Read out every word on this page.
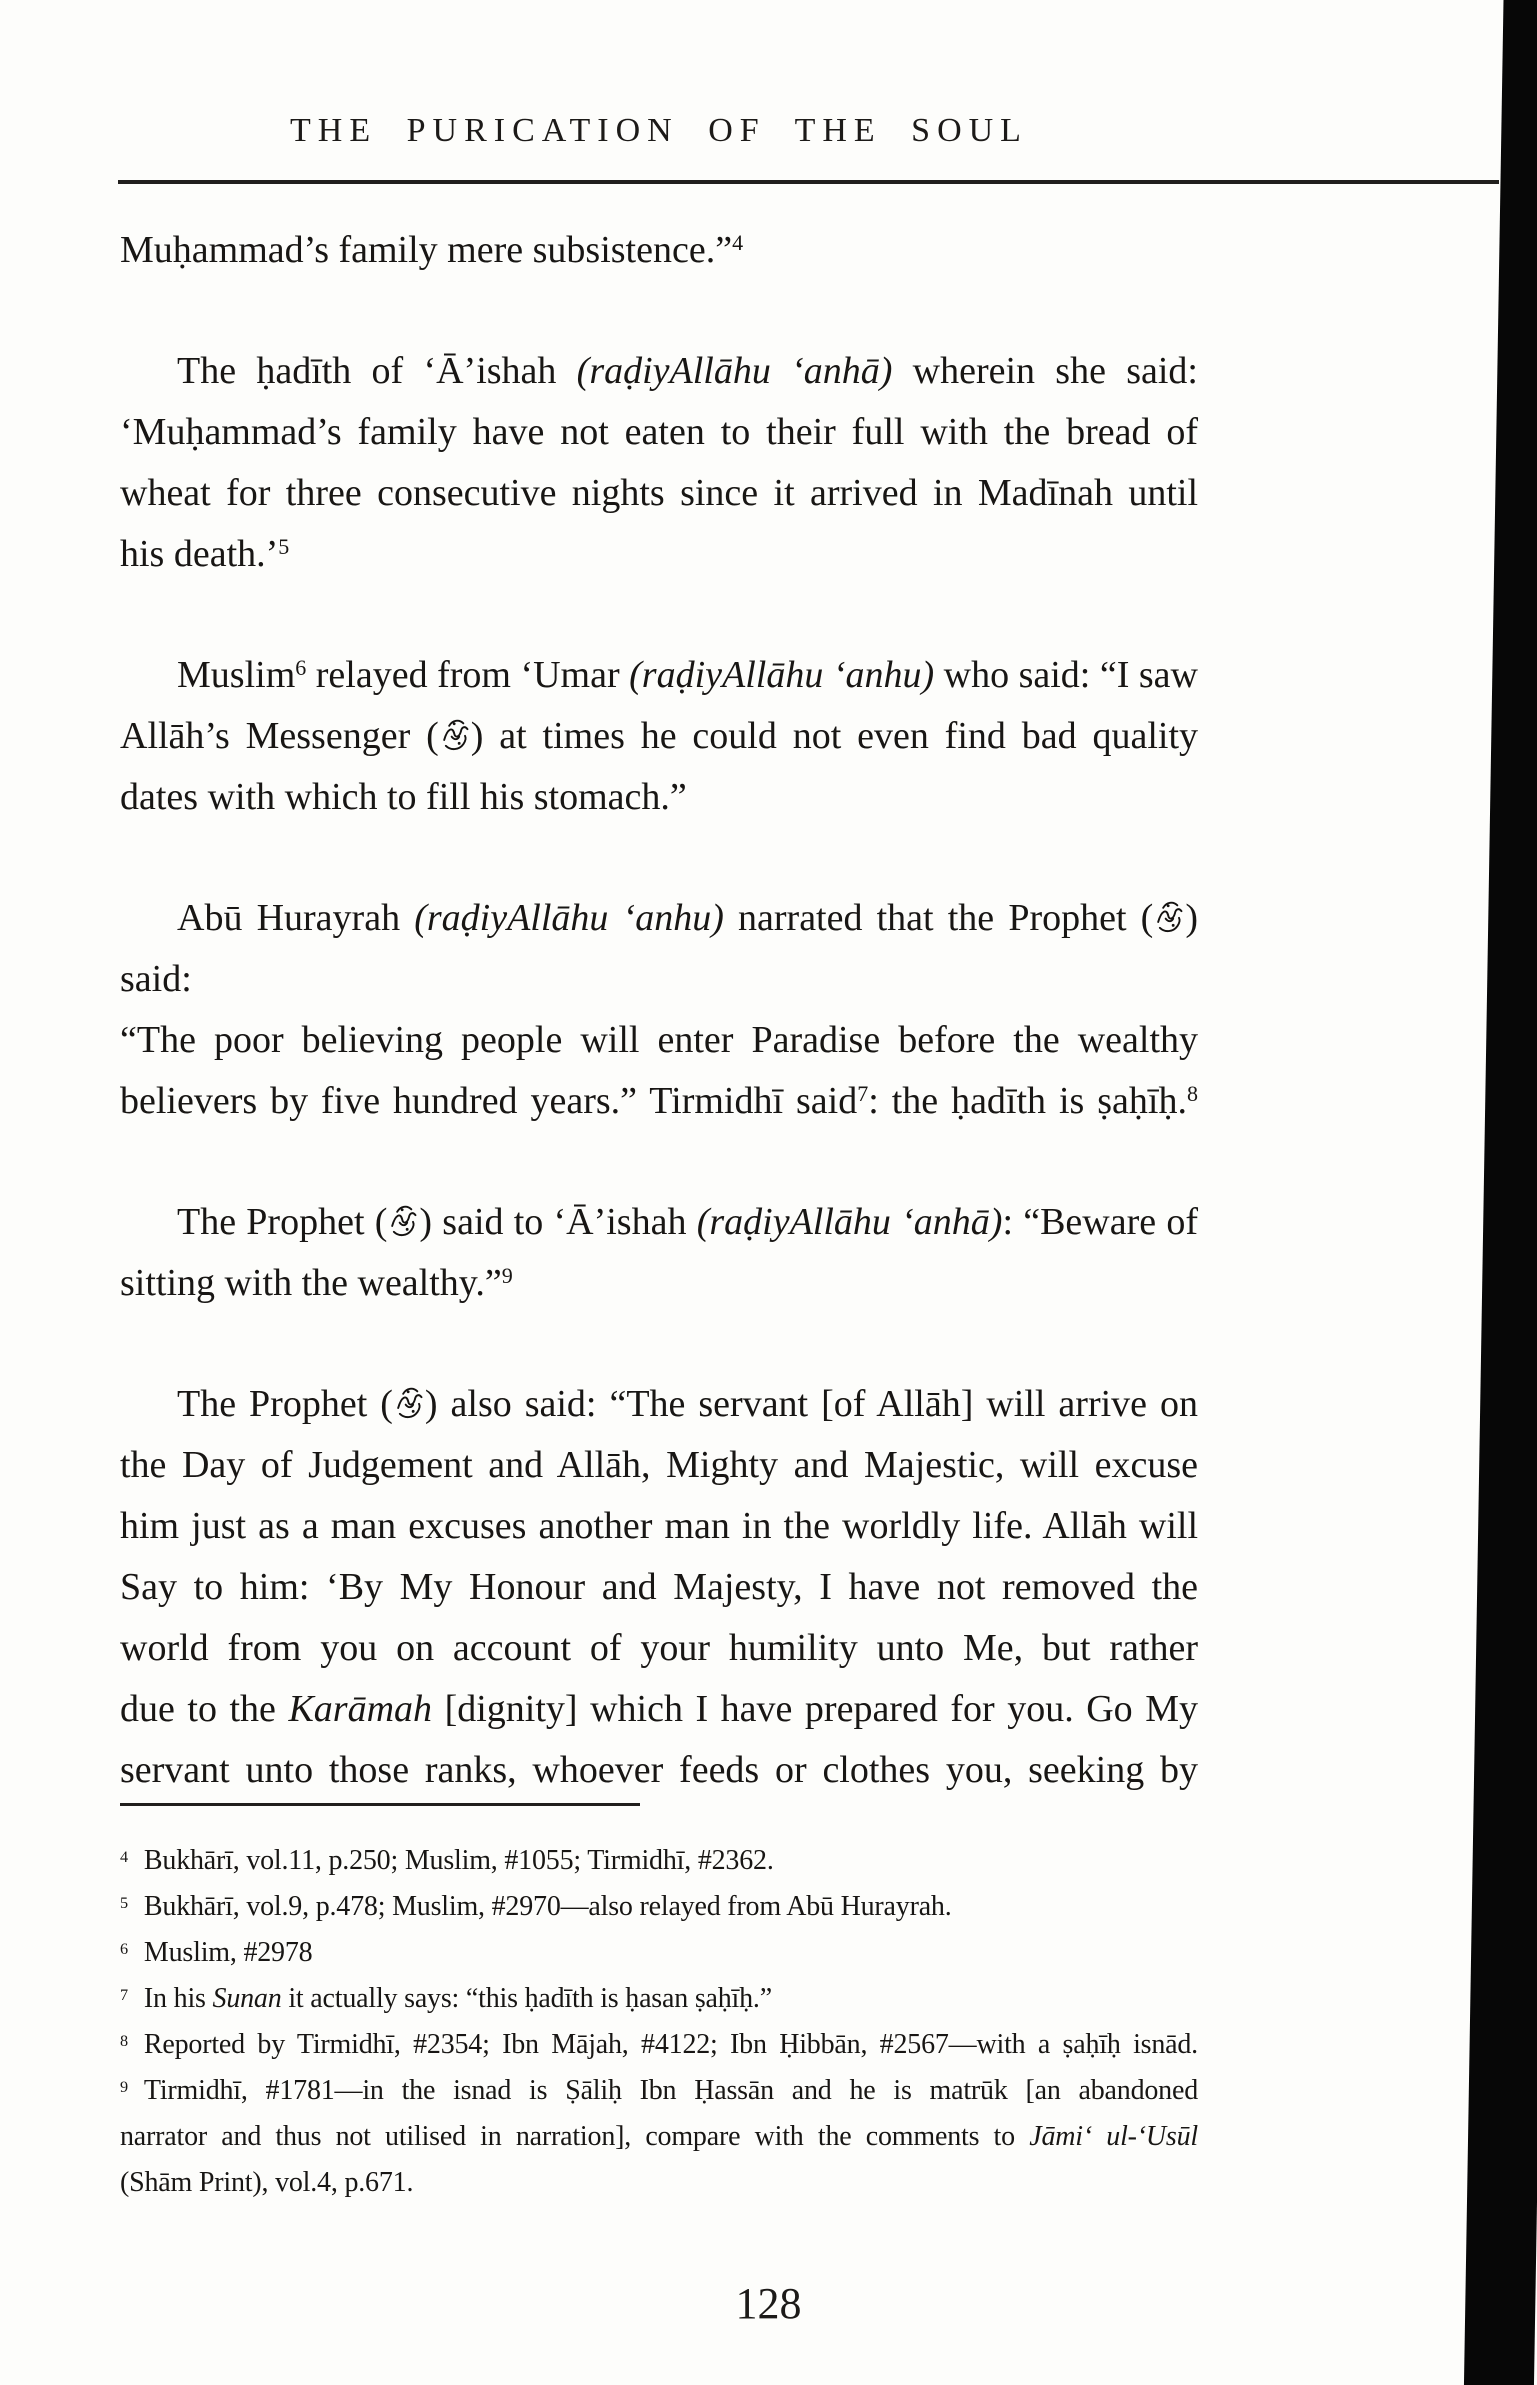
THE PURICATION OF THE SOUL
Muḥammad’s family mere subsistence.”$^4$
The ḥadīth of ‘Ā’ishah (raḍiyAllāhu ‘anhā) wherein she said:
‘Muḥammad’s family have not eaten to their full with the bread of
wheat for three consecutive nights since it arrived in Madīnah until
his death.’$^5$
Muslim$^6$ relayed from ‘Umar (raḍiyAllāhu ‘anhu) who said: “I saw
Allāh’s Messenger ( ) at times he could not even find bad quality
dates with which to fill his stomach.”
Abū Hurayrah (raḍiyAllāhu ‘anhu) narrated that the Prophet ( ) said:
“The poor believing people will enter Paradise before the wealthy
believers by five hundred years.” Tirmidhī said$^7$: the ḥadīth is ṣaḥīḥ.$^8$
The Prophet ( ) said to ‘Ā’ishah (raḍiyAllāhu ‘anhā): “Beware of
sitting with the wealthy.”$^9$
The Prophet ( ) also said: “The servant [of Allāh] will arrive on
the Day of Judgement and Allāh, Mighty and Majestic, will excuse
him just as a man excuses another man in the worldly life. Allāh will
Say to him: ‘By My Honour and Majesty, I have not removed the
world from you on account of your humility unto Me, but rather
due to the Karāmah [dignity] which I have prepared for you. Go My
servant unto those ranks, whoever feeds or clothes you, seeking by
$^4$ Bukhārī, vol.11, p.250; Muslim, #1055; Tirmidhī, #2362.
$^5$ Bukhārī, vol.9, p.478; Muslim, #2970—also relayed from Abū Hurayrah.
$^6$ Muslim, #2978
$^7$ In his Sunan it actually says: “this ḥadīth is ḥasan ṣaḥīḥ.”
$^8$ Reported by Tirmidhī, #2354; Ibn Mājah, #4122; Ibn Ḥibbān, #2567—with a ṣaḥīḥ isnād.
$^9$ Tirmidhī, #1781—in the isnad is Ṣāliḥ Ibn Ḥassān and he is matrūk [an abandoned
narrator and thus not utilised in narration], compare with the comments to Jāmi‘ ul-‘Usūl
(Shām Print), vol.4, p.671.
128
